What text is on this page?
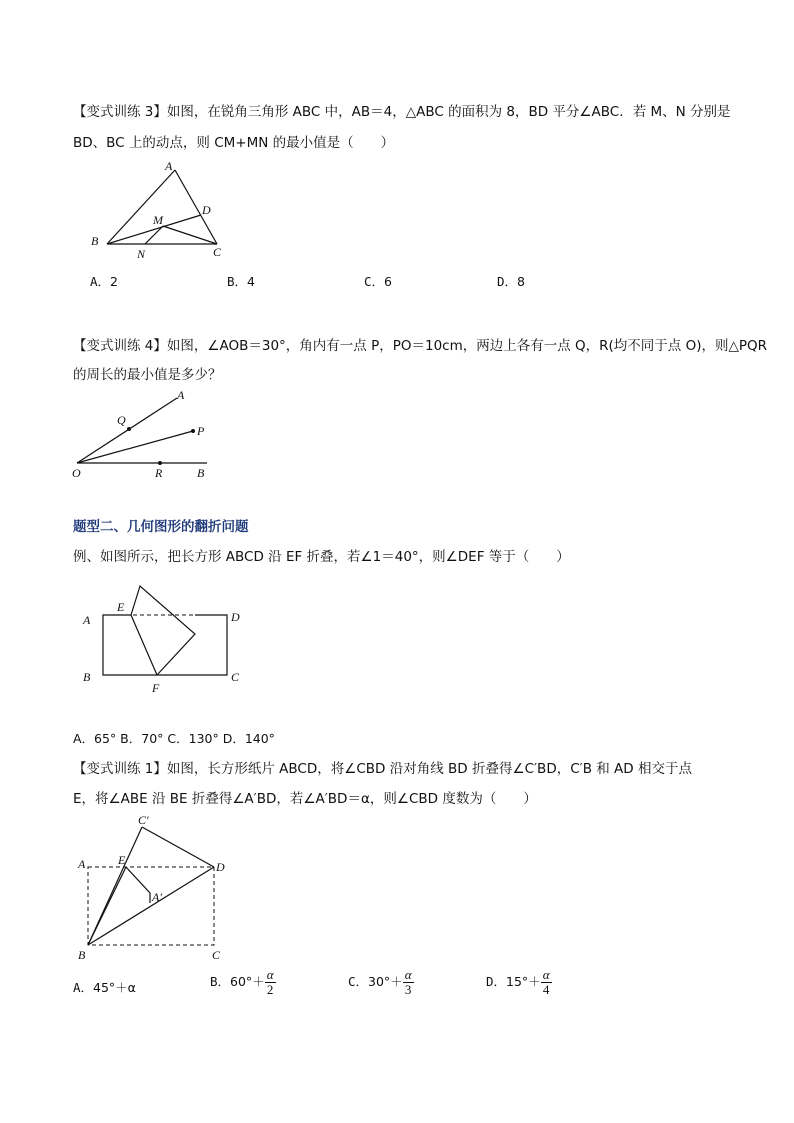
【变式训练 3】如图，在锐角三角形 ABC 中，AB＝4，△ABC 的面积为 8，BD 平分∠ABC．若 M、N 分别是
BD、BC 上的动点，则 CM+MN 的最小值是（　　）
A
B
C
D
M
N
A．2	B．4	C．6	D．8
【变式训练 4】如图，∠AOB＝30°，角内有一点 P，PO＝10cm，两边上各有一点 Q，R(均不同于点 O)，则△PQR
的周长的最小值是多少？
A
Q
P
O	R	B
题型二、几何图形的翻折问题
例、如图所示，把长方形 ABCD 沿 EF 折叠，若∠1＝40°，则∠DEF 等于（　　）
E
A	D
B
F
C
A．65° B．70° C．130° D．140°
【变式训练 1】如图，长方形纸片 ABCD，将∠CBD 沿对角线 BD 折叠得∠C′BD，C′B 和 AD 相交于点
E，将∠ABE 沿 BE 折叠得∠A′BD，若∠A′BD＝α，则∠CBD 度数为（　　）
C'
A	E	D
A'
B	C
A．45°＋α	B．$60^\circ+ \frac{\alpha}{2}$	C．$30^\circ+ \frac{\alpha}{3}$	D．$15^\circ+ \frac{\alpha}{4}$
